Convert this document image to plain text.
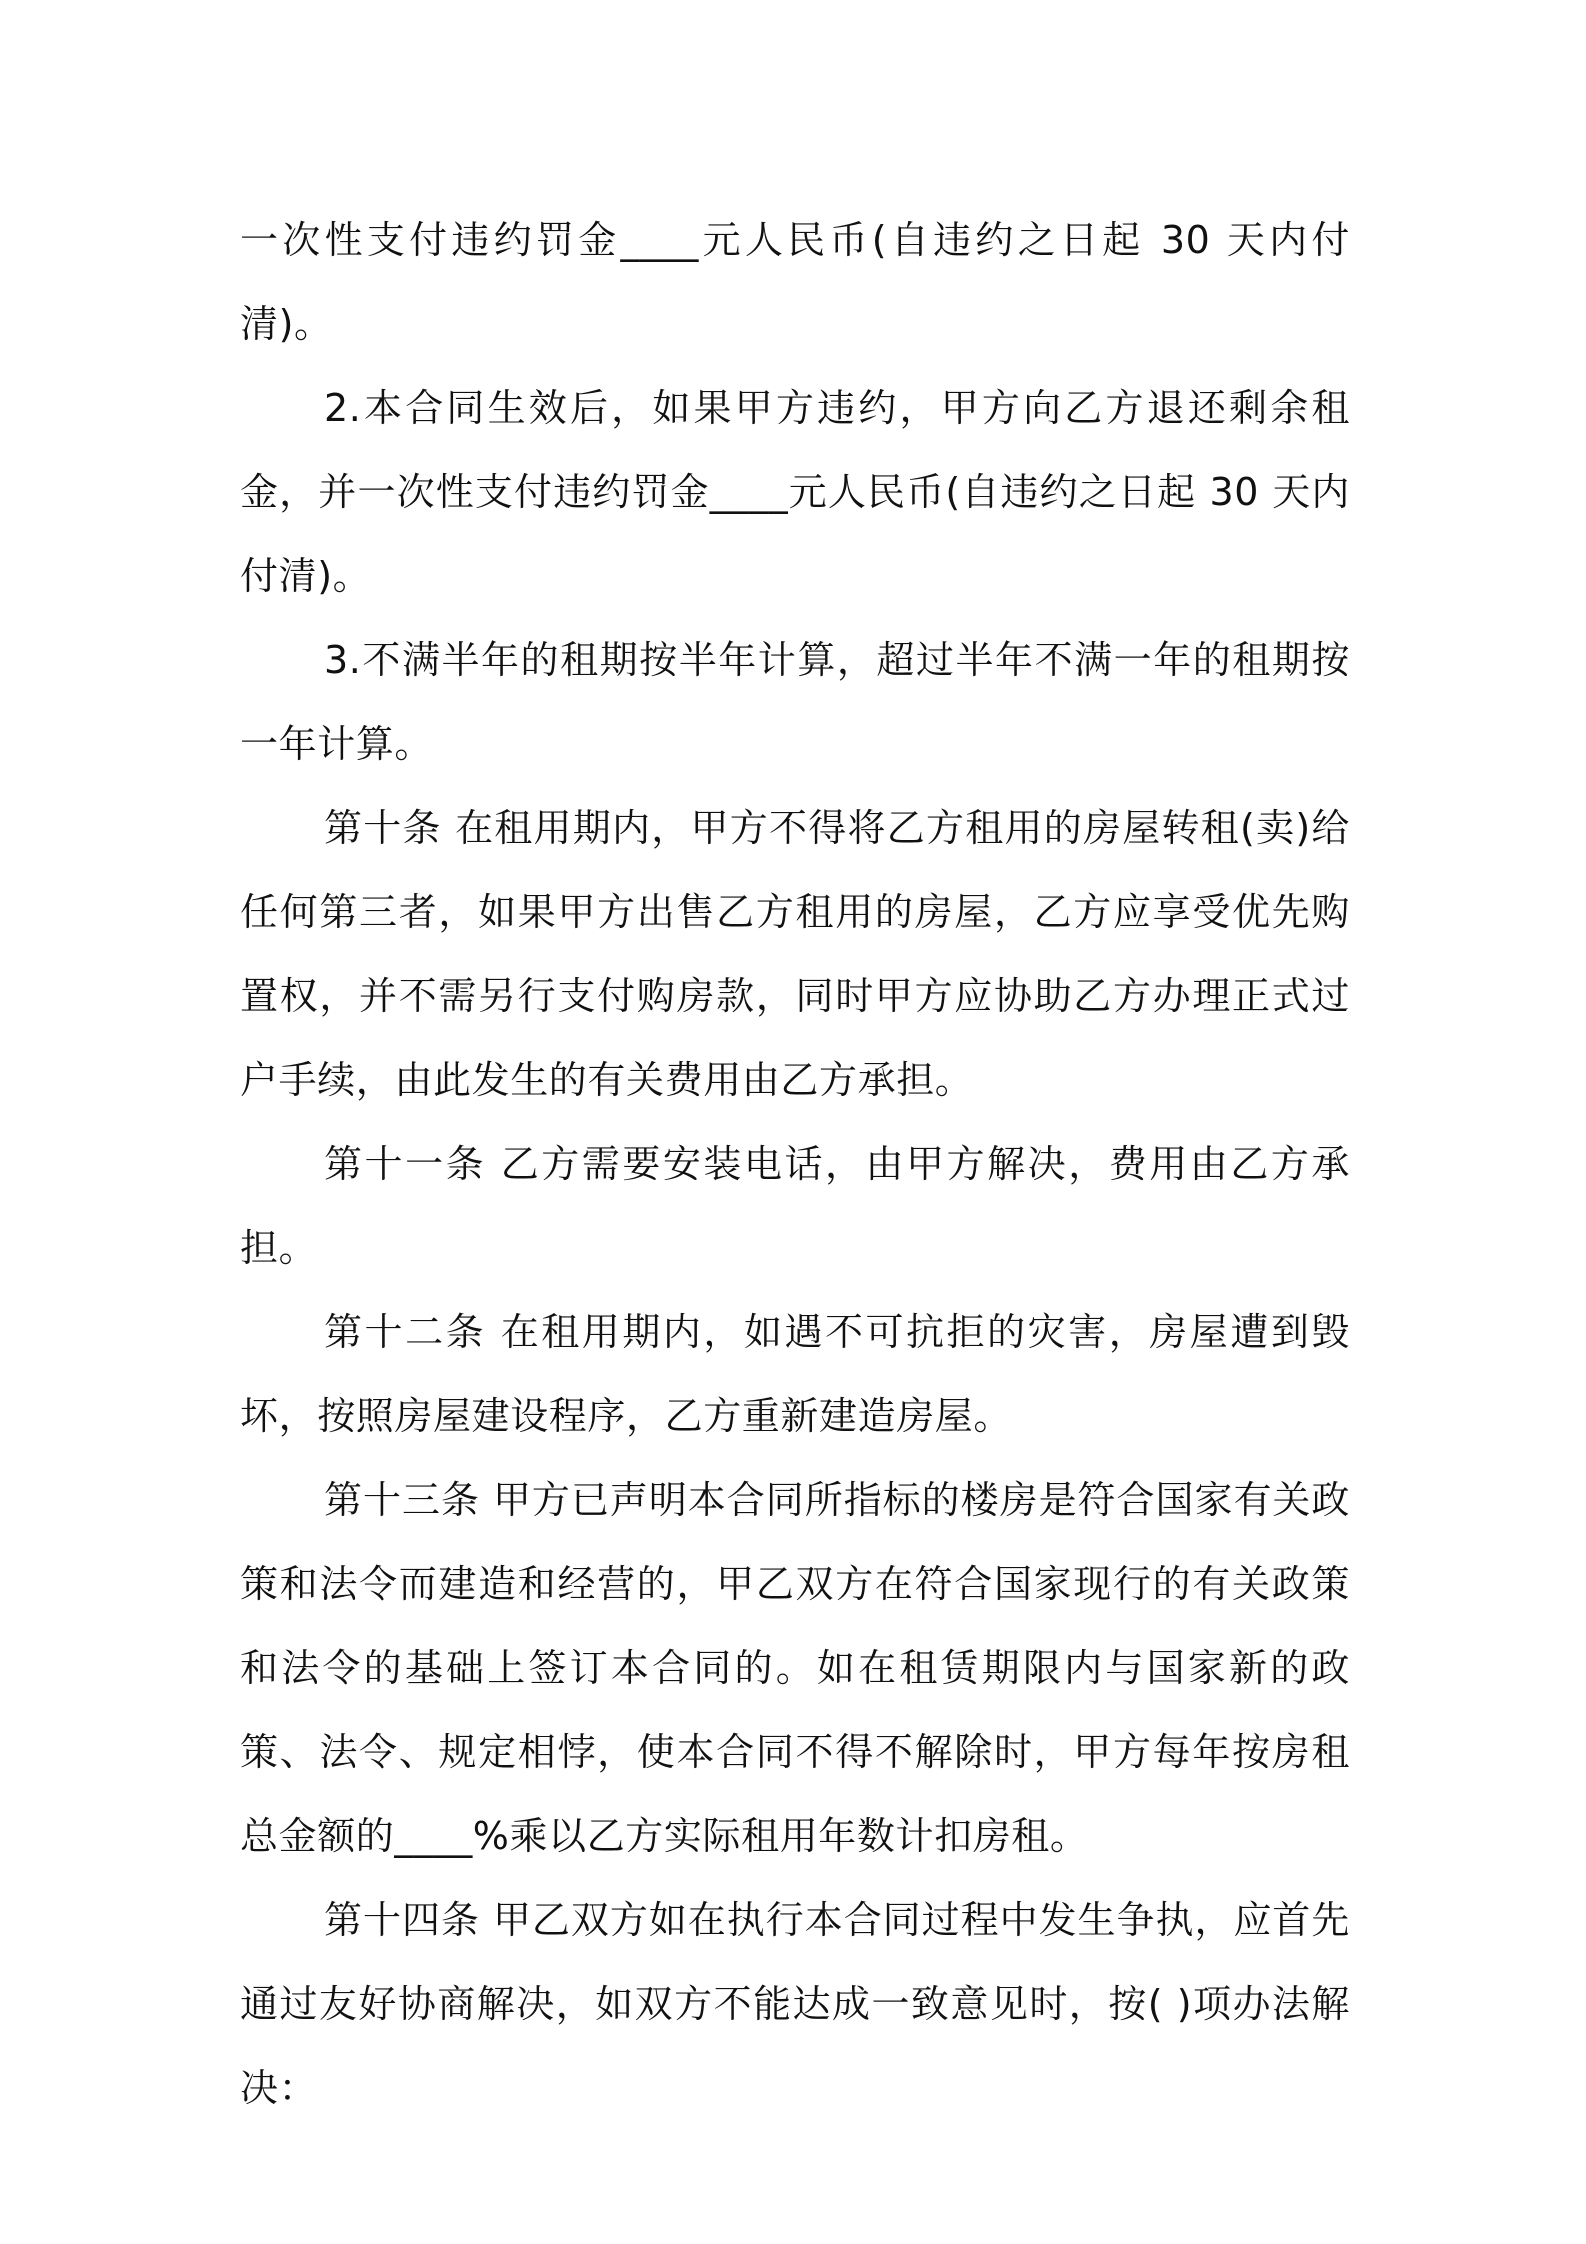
一次性支付违约罚金____元人民币(自违约之日起 30 天内付清)。

2.本合同生效后，如果甲方违约，甲方向乙方退还剩余租金，并一次性支付违约罚金____元人民币(自违约之日起 30 天内付清)。

3.不满半年的租期按半年计算，超过半年不满一年的租期按一年计算。

第十条 在租用期内，甲方不得将乙方租用的房屋转租(卖)给任何第三者，如果甲方出售乙方租用的房屋，乙方应享受优先购置权，并不需另行支付购房款，同时甲方应协助乙方办理正式过户手续，由此发生的有关费用由乙方承担。

第十一条 乙方需要安装电话，由甲方解决，费用由乙方承担。

第十二条 在租用期内，如遇不可抗拒的灾害，房屋遭到毁坏，按照房屋建设程序，乙方重新建造房屋。

第十三条 甲方已声明本合同所指标的楼房是符合国家有关政策和法令而建造和经营的，甲乙双方在符合国家现行的有关政策和法令的基础上签订本合同的。如在租赁期限内与国家新的政策、法令、规定相悖，使本合同不得不解除时，甲方每年按房租总金额的____%乘以乙方实际租用年数计扣房租。

第十四条 甲乙双方如在执行本合同过程中发生争执，应首先通过友好协商解决，如双方不能达成一致意见时，按( )项办法解决：
